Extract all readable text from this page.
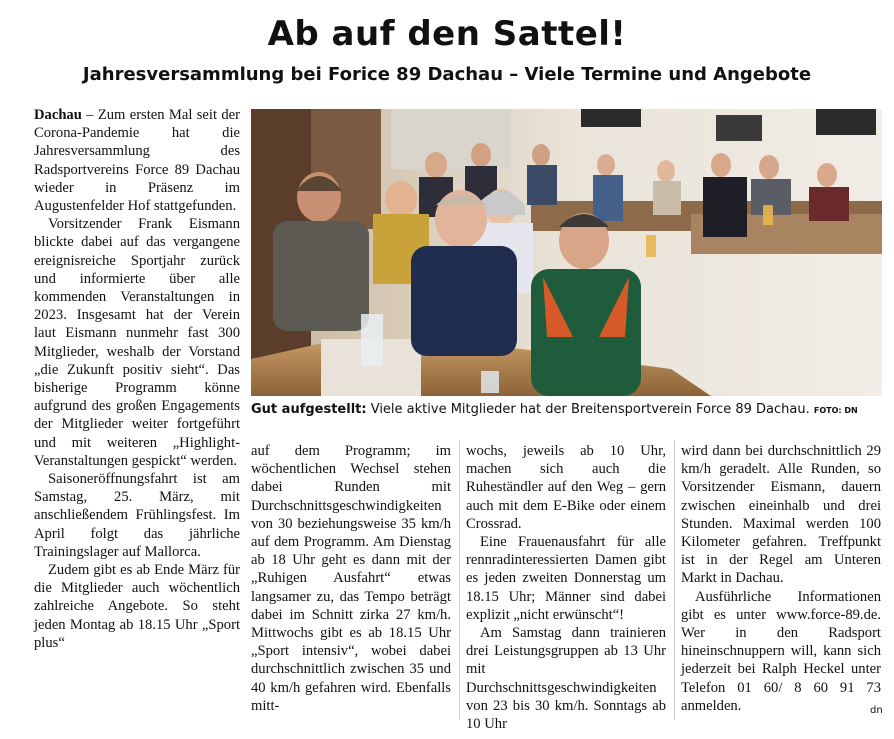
Ab auf den Sattel!
Jahresversammlung bei Forice 89 Dachau – Viele Termine und Angebote

Dachau – Zum ersten Mal seit der Corona-Pandemie hat die Jahresversammlung des Radsportvereins Force 89 Dachau wieder in Präsenz im Augustenfelder Hof stattgefunden.

Vorsitzender Frank Eismann blickte dabei auf das vergangene ereignisreiche Sportjahr zurück und informierte über alle kommenden Veranstaltungen in 2023. Insgesamt hat der Verein laut Eismann nunmehr fast 300 Mitglieder, weshalb der Vorstand „die Zukunft positiv sieht“. Das bisherige Programm könne aufgrund des großen Engagements der Mitglieder weiter fortgeführt und mit weiteren „Highlight-Veranstaltungen gespickt“ werden.

Saisoneröffnungsfahrt ist am Samstag, 25. März, mit anschließendem Frühlingsfest. Im April folgt das jährliche Trainingslager auf Mallorca.

Zudem gibt es ab Ende März für die Mitglieder auch wöchentlich zahlreiche Angebote. So steht jeden Montag ab 18.15 Uhr „Sport plus“

Gut aufgestellt: Viele aktive Mitglieder hat der Breitensportverein Force 89 Dachau. FOTO: DN

auf dem Programm; im wöchentlichen Wechsel stehen dabei Runden mit Durchschnittsgeschwindigkeiten von 30 beziehungsweise 35 km/h auf dem Programm. Am Dienstag ab 18 Uhr geht es dann mit der „Ruhigen Ausfahrt“ etwas langsamer zu, das Tempo beträgt dabei im Schnitt zirka 27 km/h. Mittwochs gibt es ab 18.15 Uhr „Sport intensiv“, wobei dabei durchschnittlich zwischen 35 und 40 km/h gefahren wird. Ebenfalls mitt-

wochs, jeweils ab 10 Uhr, machen sich auch die Ruheständler auf den Weg – gern auch mit dem E-Bike oder einem Crossrad.

Eine Frauenausfahrt für alle rennradinteressierten Damen gibt es jeden zweiten Donnerstag um 18.15 Uhr; Männer sind dabei explizit „nicht erwünscht“!

Am Samstag dann trainieren drei Leistungsgruppen ab 13 Uhr mit Durchschnittsgeschwindigkeiten von 23 bis 30 km/h. Sonntags ab 10 Uhr

wird dann bei durchschnittlich 29 km/h geradelt. Alle Runden, so Vorsitzender Eismann, dauern zwischen eineinhalb und drei Stunden. Maximal werden 100 Kilometer gefahren. Treffpunkt ist in der Regel am Unteren Markt in Dachau.

Ausführliche Informationen gibt es unter www.force-89.de. Wer in den Radsport hineinschnuppern will, kann sich jederzeit bei Ralph Heckel unter Telefon 01 60/ 8 60 91 73 anmelden.	dn
